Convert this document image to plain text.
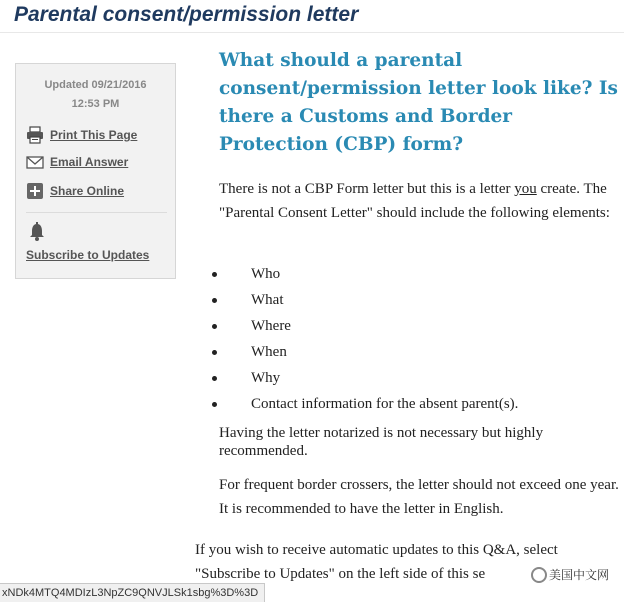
Parental consent/permission letter
Updated 09/21/2016
12:53 PM
Print This Page
Email Answer
Share Online
Subscribe to Updates
What should a parental consent/permission letter look like? Is there a Customs and Border Protection (CBP) form?

There is not a CBP Form letter but this is a letter you create. The "Parental Consent Letter" should include the following elements:

Who
What
Where
When
Why
Contact information for the absent parent(s).

Having the letter notarized is not necessary but highly recommended.

For frequent border crossers, the letter should not exceed one year. It is recommended to have the letter in English.

If you wish to receive automatic updates to this Q&A, select
"Subscribe to Updates" on the left side of this se
xNDk4MTQ4MDIzL3NpZC9QNVJLSk1sbg%3D%3D
美国中文网
